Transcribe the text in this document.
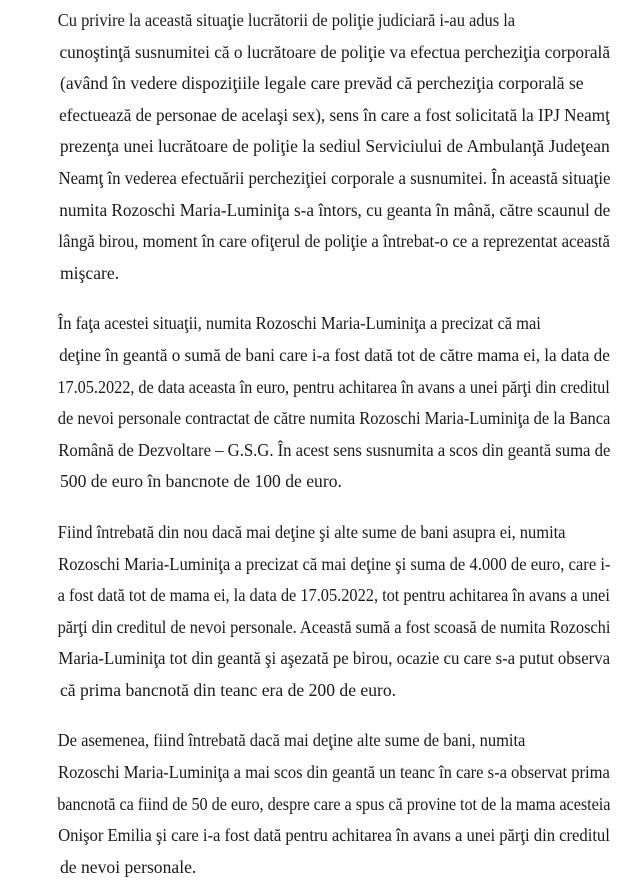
Cu privire la această situaţie lucrătorii de poliţie judiciară i-au adus la
cunoştinţă susnumitei că o lucrătoare de poliţie va efectua percheziţia corporală
(având în vedere dispoziţiile legale care prevăd că percheziţia corporală se
efectuează de personae de acelaşi sex), sens în care a fost solicitată la IPJ Neamţ
prezenţa unei lucrătoare de poliţie la sediul Serviciului de Ambulanţă Judeţean
Neamţ în vederea efectuării percheziţiei corporale a susnumitei. În această situaţie
numita Rozoschi Maria-Luminiţa s-a întors, cu geanta în mână, către scaunul de
lângă birou, moment în care ofiţerul de poliţie a întrebat-o ce a reprezentat această
mişcare.

În faţa acestei situaţii, numita Rozoschi Maria-Luminiţa a precizat că mai
deţine în geantă o sumă de bani care i-a fost dată tot de către mama ei, la data de
17.05.2022, de data aceasta în euro, pentru achitarea în avans a unei părţi din creditul
de nevoi personale contractat de către numita Rozoschi Maria-Luminiţa de la Banca
Română de Dezvoltare – G.S.G. În acest sens susnumita a scos din geantă suma de
500 de euro în bancnote de 100 de euro.

Fiind întrebată din nou dacă mai deţine şi alte sume de bani asupra ei, numita
Rozoschi Maria-Luminiţa a precizat că mai deţine şi suma de 4.000 de euro, care i-
a fost dată tot de mama ei, la data de 17.05.2022, tot pentru achitarea în avans a unei
părţi din creditul de nevoi personale. Această sumă a fost scoasă de numita Rozoschi
Maria-Luminiţa tot din geantă şi aşezată pe birou, ocazie cu care s-a putut observa
că prima bancnotă din teanc era de 200 de euro.

De asemenea, fiind întrebată dacă mai deţine alte sume de bani, numita
Rozoschi Maria-Luminiţa a mai scos din geantă un teanc în care s-a observat prima
bancnotă ca fiind de 50 de euro, despre care a spus că provine tot de la mama acesteia
Onişor Emilia şi care i-a fost dată pentru achitarea în avans a unei părţi din creditul
de nevoi personale.
